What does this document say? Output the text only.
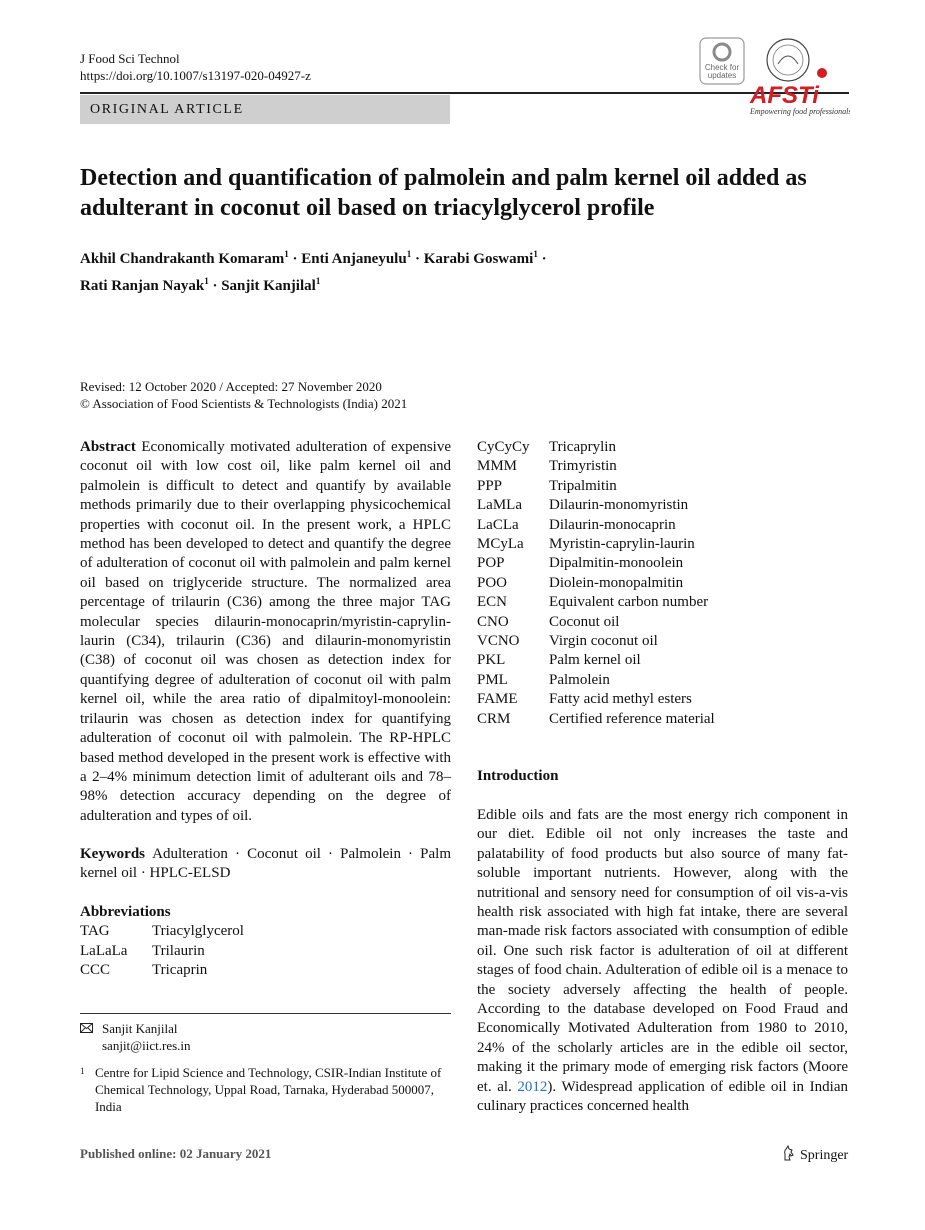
J Food Sci Technol
https://doi.org/10.1007/s13197-020-04927-z
ORIGINAL ARTICLE
Check for
updates
AFSTi
Empowering food professionals
Detection and quantification of palmolein and palm kernel oil added as adulterant in coconut oil based on triacylglycerol profile
Akhil Chandrakanth Komaram$^1$ · Enti Anjaneyulu$^1$ · Karabi Goswami$^1$ ·
Rati Ranjan Nayak$^1$ · Sanjit Kanjilal$^1$
Revised: 12 October 2020 / Accepted: 27 November 2020
© Association of Food Scientists & Technologists (India) 2021
Abstract Economically motivated adulteration of expensive coconut oil with low cost oil, like palm kernel oil and palmolein is difficult to detect and quantify by available methods primarily due to their overlapping physicochemical properties with coconut oil. In the present work, a HPLC method has been developed to detect and quantify the degree of adulteration of coconut oil with palmolein and palm kernel oil based on triglyceride structure. The normalized area percentage of trilaurin (C36) among the three major TAG molecular species dilaurin-monocaprin/myristin-caprylin-laurin (C34), trilaurin (C36) and dilaurin-monomyristin (C38) of coconut oil was chosen as detection index for quantifying degree of adulteration of coconut oil with palm kernel oil, while the area ratio of dipalmitoyl-monoolein: trilaurin was chosen as detection index for quantifying adulteration of coconut oil with palmolein. The RP-HPLC based method developed in the present work is effective with a 2–4% minimum detection limit of adulterant oils and 78–98% detection accuracy depending on the degree of adulteration and types of oil.
Keywords Adulteration · Coconut oil · Palmolein · Palm kernel oil · HPLC-ELSD
Abbreviations
TAG	Triacylglycerol
LaLaLa	Trilaurin
CCC	Tricaprin
Sanjit Kanjilal
sanjit@iict.res.in
1 Centre for Lipid Science and Technology, CSIR-Indian Institute of Chemical Technology, Uppal Road, Tarnaka, Hyderabad 500007, India
CyCyCy	Tricaprylin
MMM	Trimyristin
PPP	Tripalmitin
LaMLa	Dilaurin-monomyristin
LaCLa	Dilaurin-monocaprin
MCyLa	Myristin-caprylin-laurin
POP	Dipalmitin-monoolein
POO	Diolein-monopalmitin
ECN	Equivalent carbon number
CNO	Coconut oil
VCNO	Virgin coconut oil
PKL	Palm kernel oil
PML	Palmolein
FAME	Fatty acid methyl esters
CRM	Certified reference material
Introduction
Edible oils and fats are the most energy rich component in our diet. Edible oil not only increases the taste and palatability of food products but also source of many fat-soluble important nutrients. However, along with the nutritional and sensory need for consumption of oil vis-a-vis health risk associated with high fat intake, there are several man-made risk factors associated with consumption of edible oil. One such risk factor is adulteration of oil at different stages of food chain. Adulteration of edible oil is a menace to the society adversely affecting the health of people. According to the database developed on Food Fraud and Economically Motivated Adulteration from 1980 to 2010, 24% of the scholarly articles are in the edible oil sector, making it the primary mode of emerging risk factors (Moore et. al. 2012). Widespread application of edible oil in Indian culinary practices concerned health
Published online: 02 January 2021	Springer
